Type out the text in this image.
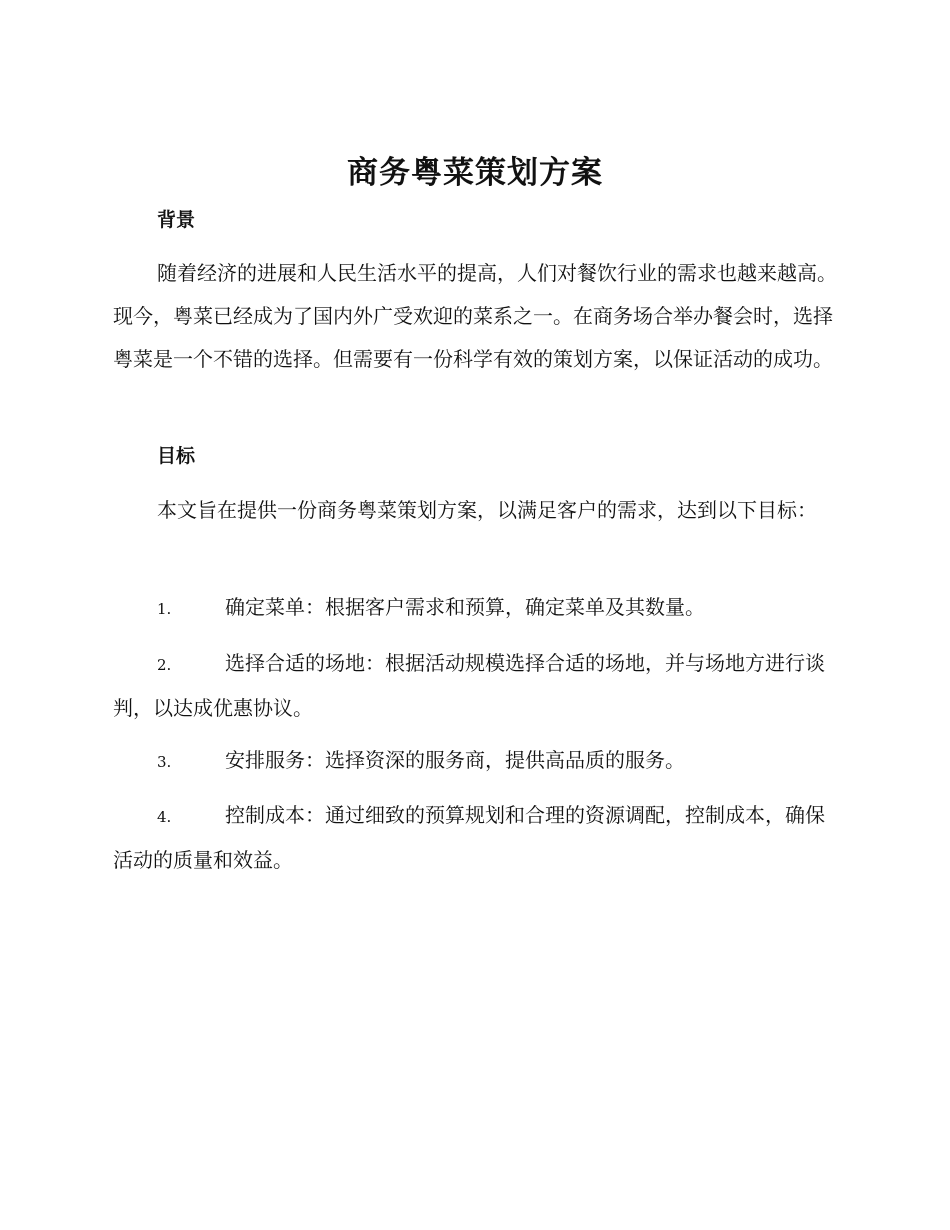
商务粤菜策划方案
背景

随着经济的进展和人民生活水平的提高，人们对餐饮行业的需求也越来越高。现今，粤菜已经成为了国内外广受欢迎的菜系之一。在商务场合举办餐会时，选择粤菜是一个不错的选择。但需要有一份科学有效的策划方案，以保证活动的成功。

目标

本文旨在提供一份商务粤菜策划方案，以满足客户的需求，达到以下目标：

1.	确定菜单：根据客户需求和预算，确定菜单及其数量。

2.	选择合适的场地：根据活动规模选择合适的场地，并与场地方进行谈判，以达成优惠协议。

3.	安排服务：选择资深的服务商，提供高品质的服务。

4.	控制成本：通过细致的预算规划和合理的资源调配，控制成本，确保活动的质量和效益。
